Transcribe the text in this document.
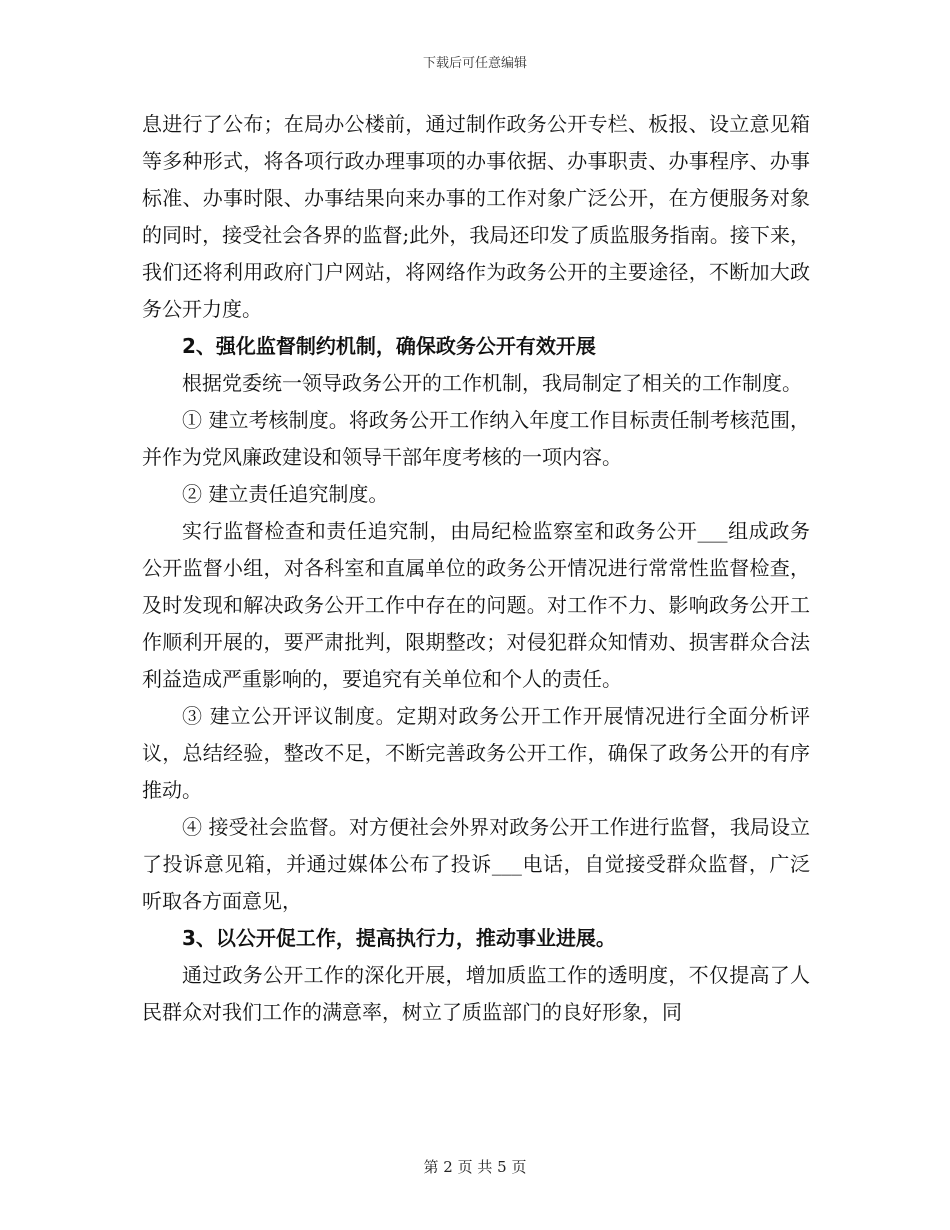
下载后可任意编辑

息进行了公布；在局办公楼前，通过制作政务公开专栏、板报、设立意见箱等多种形式，将各项行政办理事项的办事依据、办事职责、办事程序、办事标准、办事时限、办事结果向来办事的工作对象广泛公开，在方便服务对象的同时，接受社会各界的监督;此外，我局还印发了质监服务指南。接下来，我们还将利用政府门户网站，将网络作为政务公开的主要途径，不断加大政务公开力度。

2、强化监督制约机制，确保政务公开有效开展

根据党委统一领导政务公开的工作机制，我局制定了相关的工作制度。

① 建立考核制度。将政务公开工作纳入年度工作目标责任制考核范围，并作为党风廉政建设和领导干部年度考核的一项内容。

② 建立责任追究制度。

实行监督检查和责任追究制，由局纪检监察室和政务公开___组成政务公开监督小组，对各科室和直属单位的政务公开情况进行常常性监督检查，及时发现和解决政务公开工作中存在的问题。对工作不力、影响政务公开工作顺利开展的，要严肃批判，限期整改；对侵犯群众知情劝、损害群众合法利益造成严重影响的，要追究有关单位和个人的责任。

③ 建立公开评议制度。定期对政务公开工作开展情况进行全面分析评议，总结经验，整改不足，不断完善政务公开工作，确保了政务公开的有序推动。

④ 接受社会监督。对方便社会外界对政务公开工作进行监督，我局设立了投诉意见箱，并通过媒体公布了投诉___电话，自觉接受群众监督，广泛听取各方面意见，

3、以公开促工作，提高执行力，推动事业进展。

通过政务公开工作的深化开展，增加质监工作的透明度，不仅提高了人民群众对我们工作的满意率，树立了质监部门的良好形象，同

第 2 页 共 5 页
